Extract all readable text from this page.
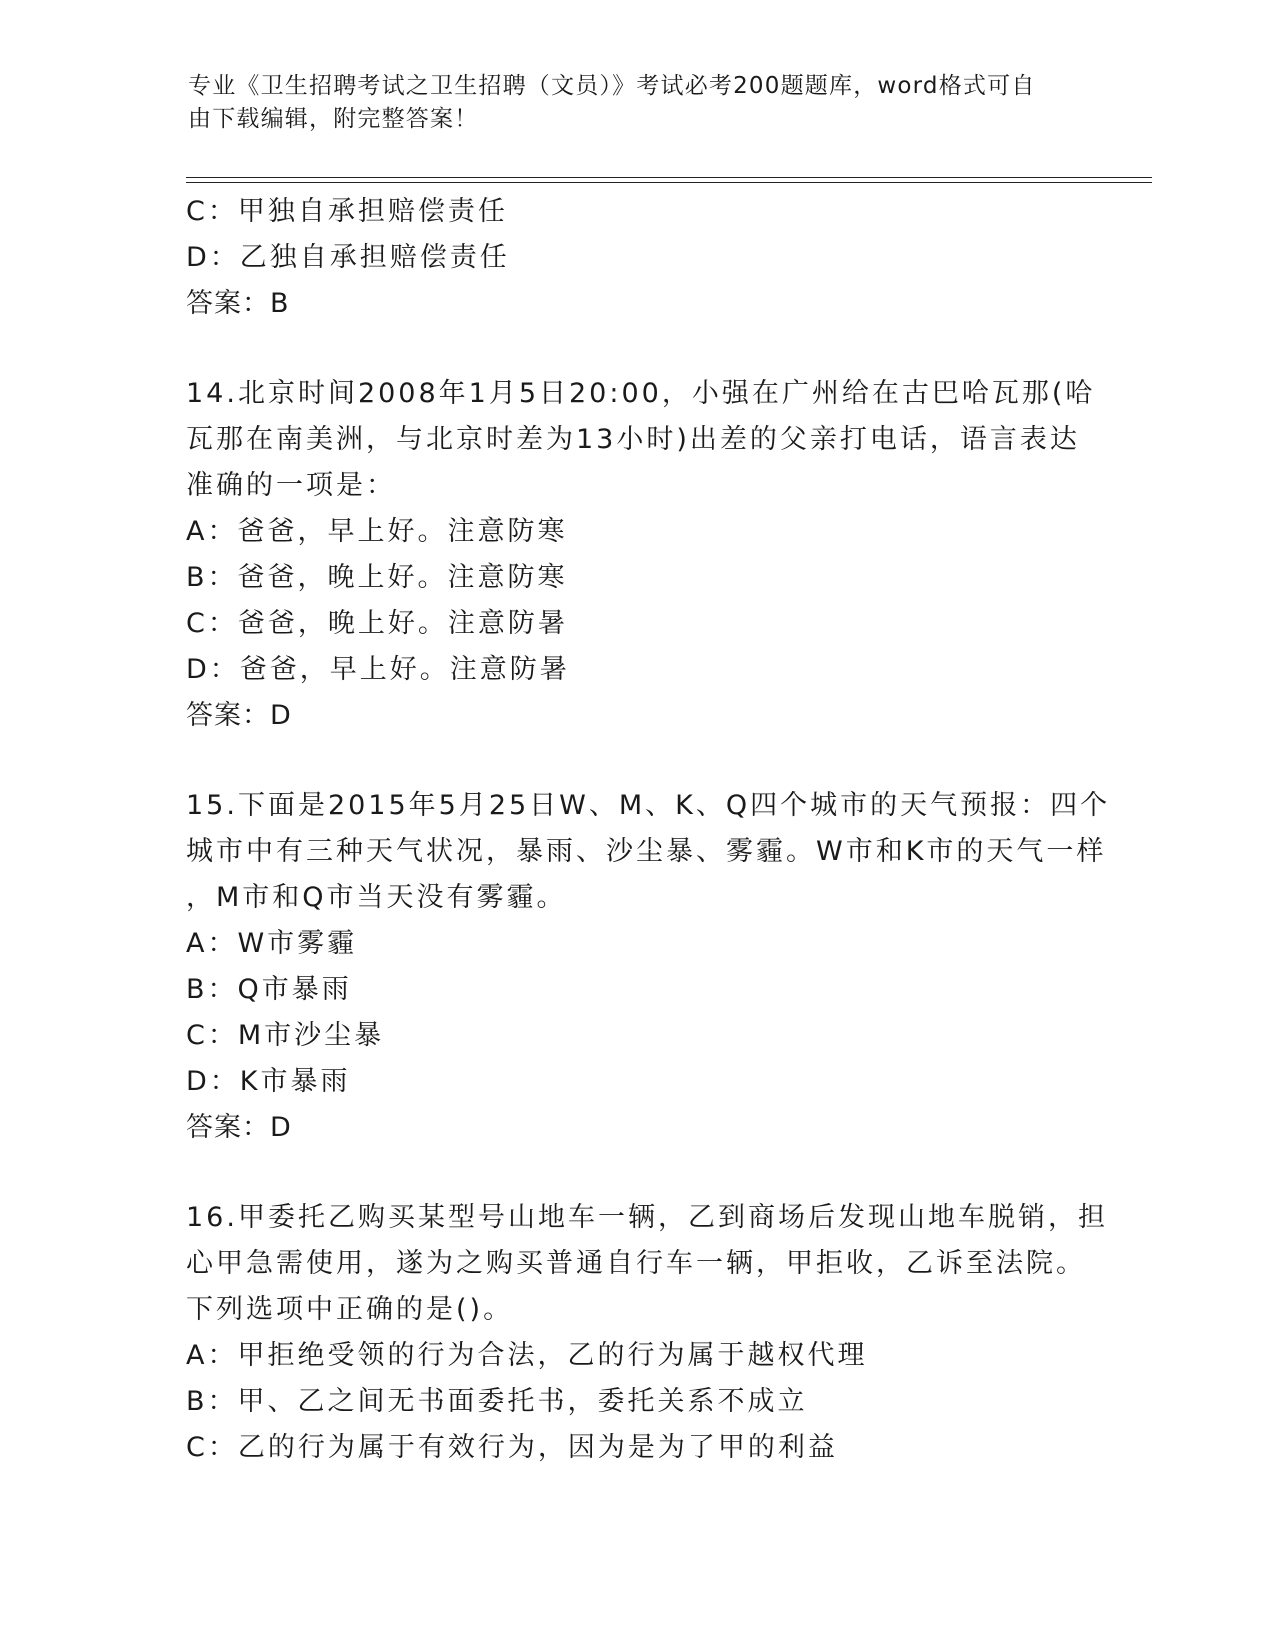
专业《卫生招聘考试之卫生招聘（文员）》考试必考200题题库，word格式可自
由下载编辑，附完整答案！
C：甲独自承担赔偿责任
D：乙独自承担赔偿责任
答案：B
14.北京时间2008年1月5日20:00，小强在广州给在古巴哈瓦那(哈
瓦那在南美洲，与北京时差为13小时)出差的父亲打电话，语言表达
准确的一项是：
A：爸爸，早上好。注意防寒
B：爸爸，晚上好。注意防寒
C：爸爸，晚上好。注意防暑
D：爸爸，早上好。注意防暑
答案：D
15.下面是2015年5月25日W、M、K、Q四个城市的天气预报：四个
城市中有三种天气状况，暴雨、沙尘暴、雾霾。W市和K市的天气一样
，M市和Q市当天没有雾霾。
A：W市雾霾
B：Q市暴雨
C：M市沙尘暴
D：K市暴雨
答案：D
16.甲委托乙购买某型号山地车一辆，乙到商场后发现山地车脱销，担
心甲急需使用，遂为之购买普通自行车一辆，甲拒收，乙诉至法院。
下列选项中正确的是()。
A：甲拒绝受领的行为合法，乙的行为属于越权代理
B：甲、乙之间无书面委托书，委托关系不成立
C：乙的行为属于有效行为，因为是为了甲的利益
